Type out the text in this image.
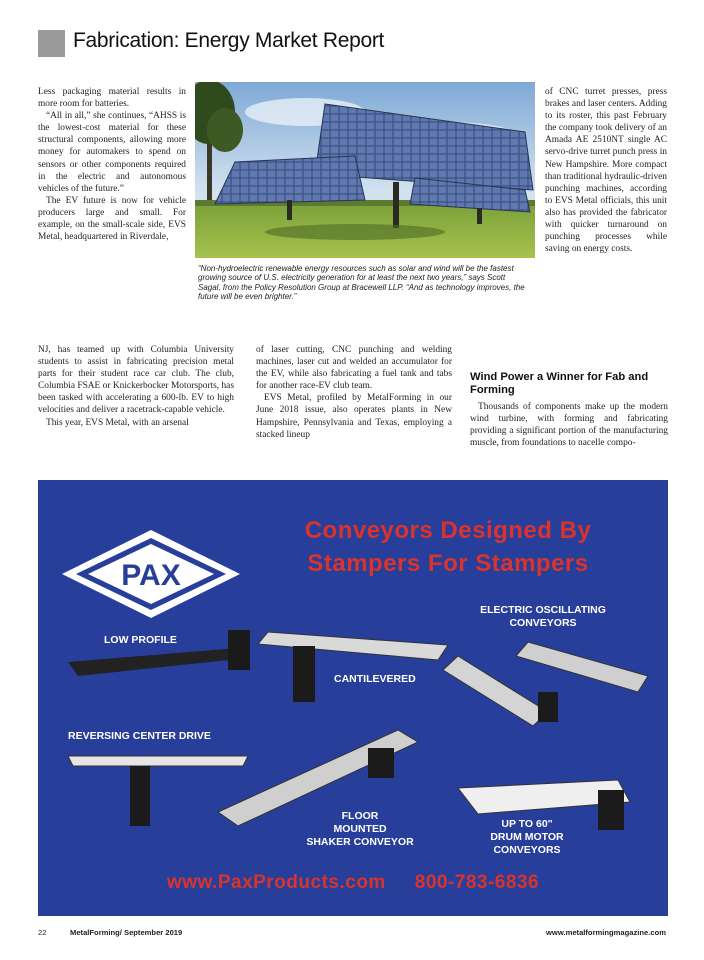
Fabrication: Energy Market Report

Less packaging material results in more room for batteries.

“All in all,” she continues, “AHSS is the lowest-cost material for these structural components, allowing more money for automakers to spend on sensors or other components required in the electric and autonomous vehicles of the future.”

The EV future is now for vehicle producers large and small. For example, on the small-scale side, EVS Metal, headquartered in Riverdale,

NJ, has teamed up with Columbia University students to assist in fabricating precision metal parts for their student race car club. The club, Columbia FSAE or Knickerbocker Motorsports, has been tasked with accelerating a 600-lb. EV to high velocities and deliver a racetrack-capable vehicle.

This year, EVS Metal, with an arsenal

of laser cutting, CNC punching and welding machines, laser cut and welded an accumulator for the EV, while also fabricating a fuel tank and tabs for another race-EV club team.

EVS Metal, profiled by MetalForming in our June 2018 issue, also operates plants in New Hampshire, Pennsylvania and Texas, employing a stacked lineup

of CNC turret presses, press brakes and laser centers. Adding to its roster, this past February the company took delivery of an Amada AE 2510NT single AC servo-drive turret punch press in New Hampshire. More compact than traditional hydraulic-driven punching machines, according to EVS Metal officials, this unit also has provided the fabricator with quicker turnaround on punching processes while saving on energy costs.

Wind Power a Winner for Fab and Forming

Thousands of components make up the modern wind turbine, with forming and fabricating providing a significant portion of the manufacturing muscle, from foundations to nacelle compo-

“Non-hydroelectric renewable energy resources such as solar and wind will be the fastest growing source of U.S. electricity generation for at least the next two years,” says Scott Sagal, from the Policy Resolution Group at Bracewell LLP. “And as technology improves, the future will be even brighter.”
PAX
Conveyors Designed By
Stampers For Stampers
LOW PROFILE
CANTILEVERED
ELECTRIC OSCILLATING
CONVEYORS
REVERSING CENTER DRIVE
FLOOR
MOUNTED
SHAKER CONVEYOR
UP TO 60"
DRUM MOTOR
CONVEYORS
www.PaxProducts.com 800-783-6836
22	MetalForming/ September 2019	www.metalformingmagazine.com
